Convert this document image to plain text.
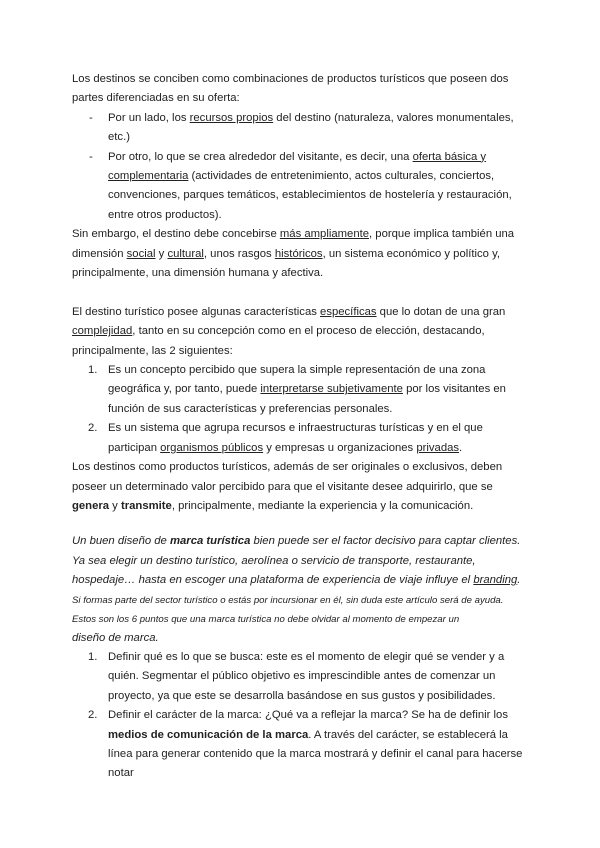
Los destinos se conciben como combinaciones de productos turísticos que poseen dos partes diferenciadas en su oferta:

- Por un lado, los recursos propios del destino (naturaleza, valores monumentales, etc.)
- Por otro, lo que se crea alrededor del visitante, es decir, una oferta básica y complementaria (actividades de entretenimiento, actos culturales, conciertos, convenciones, parques temáticos, establecimientos de hostelería y restauración, entre otros productos).

Sin embargo, el destino debe concebirse más ampliamente, porque implica también una dimensión social y cultural, unos rasgos históricos, un sistema económico y político y, principalmente, una dimensión humana y afectiva.

El destino turístico posee algunas características específicas que lo dotan de una gran complejidad, tanto en su concepción como en el proceso de elección, destacando, principalmente, las 2 siguientes:

1. Es un concepto percibido que supera la simple representación de una zona geográfica y, por tanto, puede interpretarse subjetivamente por los visitantes en función de sus características y preferencias personales.
2. Es un sistema que agrupa recursos e infraestructuras turísticas y en el que participan organismos públicos y empresas u organizaciones privadas.

Los destinos como productos turísticos, además de ser originales o exclusivos, deben poseer un determinado valor percibido para que el visitante desee adquirirlo, que se genera y transmite, principalmente, mediante la experiencia y la comunicación.

Un buen diseño de marca turística bien puede ser el factor decisivo para captar clientes. Ya sea elegir un destino turístico, aerolínea o servicio de transporte, restaurante, hospedaje… hasta en escoger una plataforma de experiencia de viaje influye el branding.

Si formas parte del sector turístico o estás por incursionar en él, sin duda este artículo será de ayuda. Estos son los 6 puntos que una marca turística no debe olvidar al momento de empezar un

diseño de marca.

1. Definir qué es lo que se busca: este es el momento de elegir qué se vender y a quién. Segmentar el público objetivo es imprescindible antes de comenzar un proyecto, ya que este se desarrolla basándose en sus gustos y posibilidades.
2. Definir el carácter de la marca: ¿Qué va a reflejar la marca? Se ha de definir los medios de comunicación de la marca. A través del carácter, se establecerá la línea para generar contenido que la marca mostrará y definir el canal para hacerse notar
